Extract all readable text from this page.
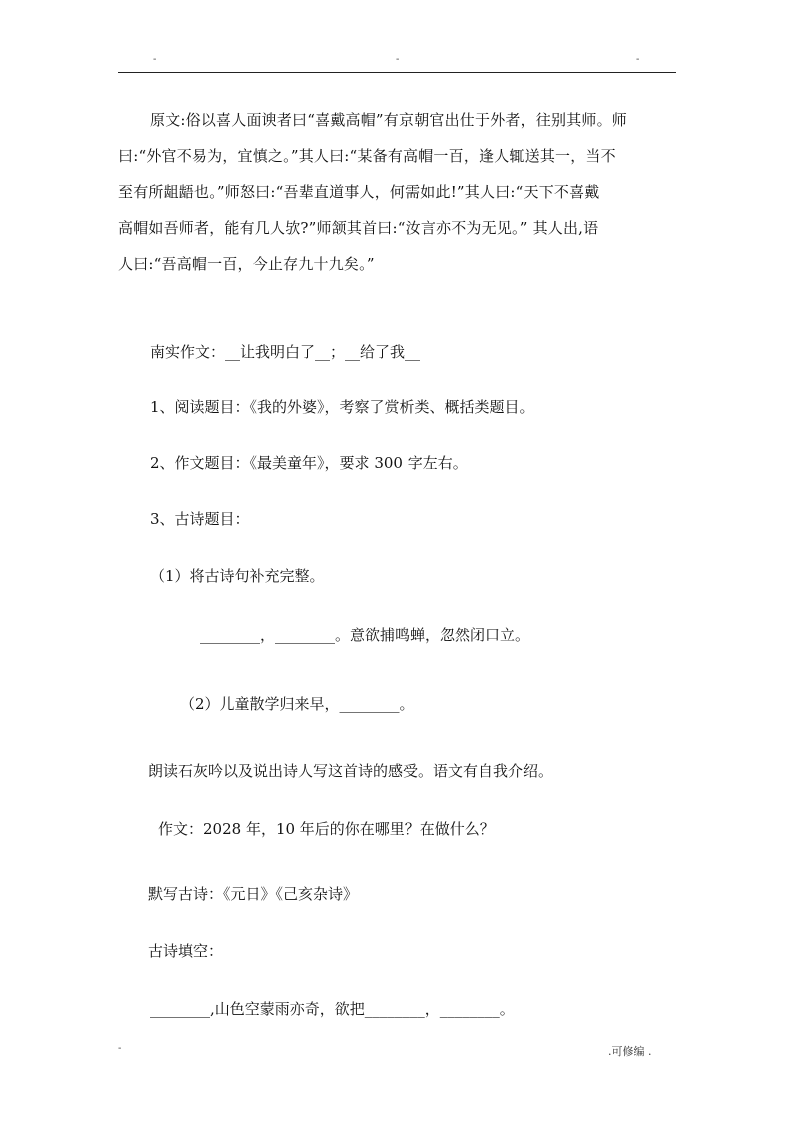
-	-	-
原文:俗以喜人面谀者曰“喜戴高帽”有京朝官出仕于外者，往别其师。师
曰:“外官不易为，宜慎之。”其人曰:“某备有高帽一百，逢人辄送其一，当不
至有所龃龉也。”师怒曰:“吾辈直道事人，何需如此!”其人曰:“天下不喜戴
高帽如吾师者，能有几人欤?”师颔其首曰:“汝言亦不为无见。” 其人出,语
人曰:“吾高帽一百，今止存九十九矣。”
南实作文：__让我明白了__；__给了我__
1、阅读题目：《我的外婆》，考察了赏析类、概括类题目。
2、作文题目：《最美童年》，要求 300 字左右。
3、古诗题目：
（1）将古诗句补充完整。
________，________。意欲捕鸣蝉，忽然闭口立。
（2）儿童散学归来早，________。
朗读石灰吟以及说出诗人写这首诗的感受。语文有自我介绍。
作文：2028 年，10 年后的你在哪里？在做什么？
默写古诗：《元日》《己亥杂诗》
古诗填空：
________,山色空蒙雨亦奇，欲把________，________。
-	.可修编 .
